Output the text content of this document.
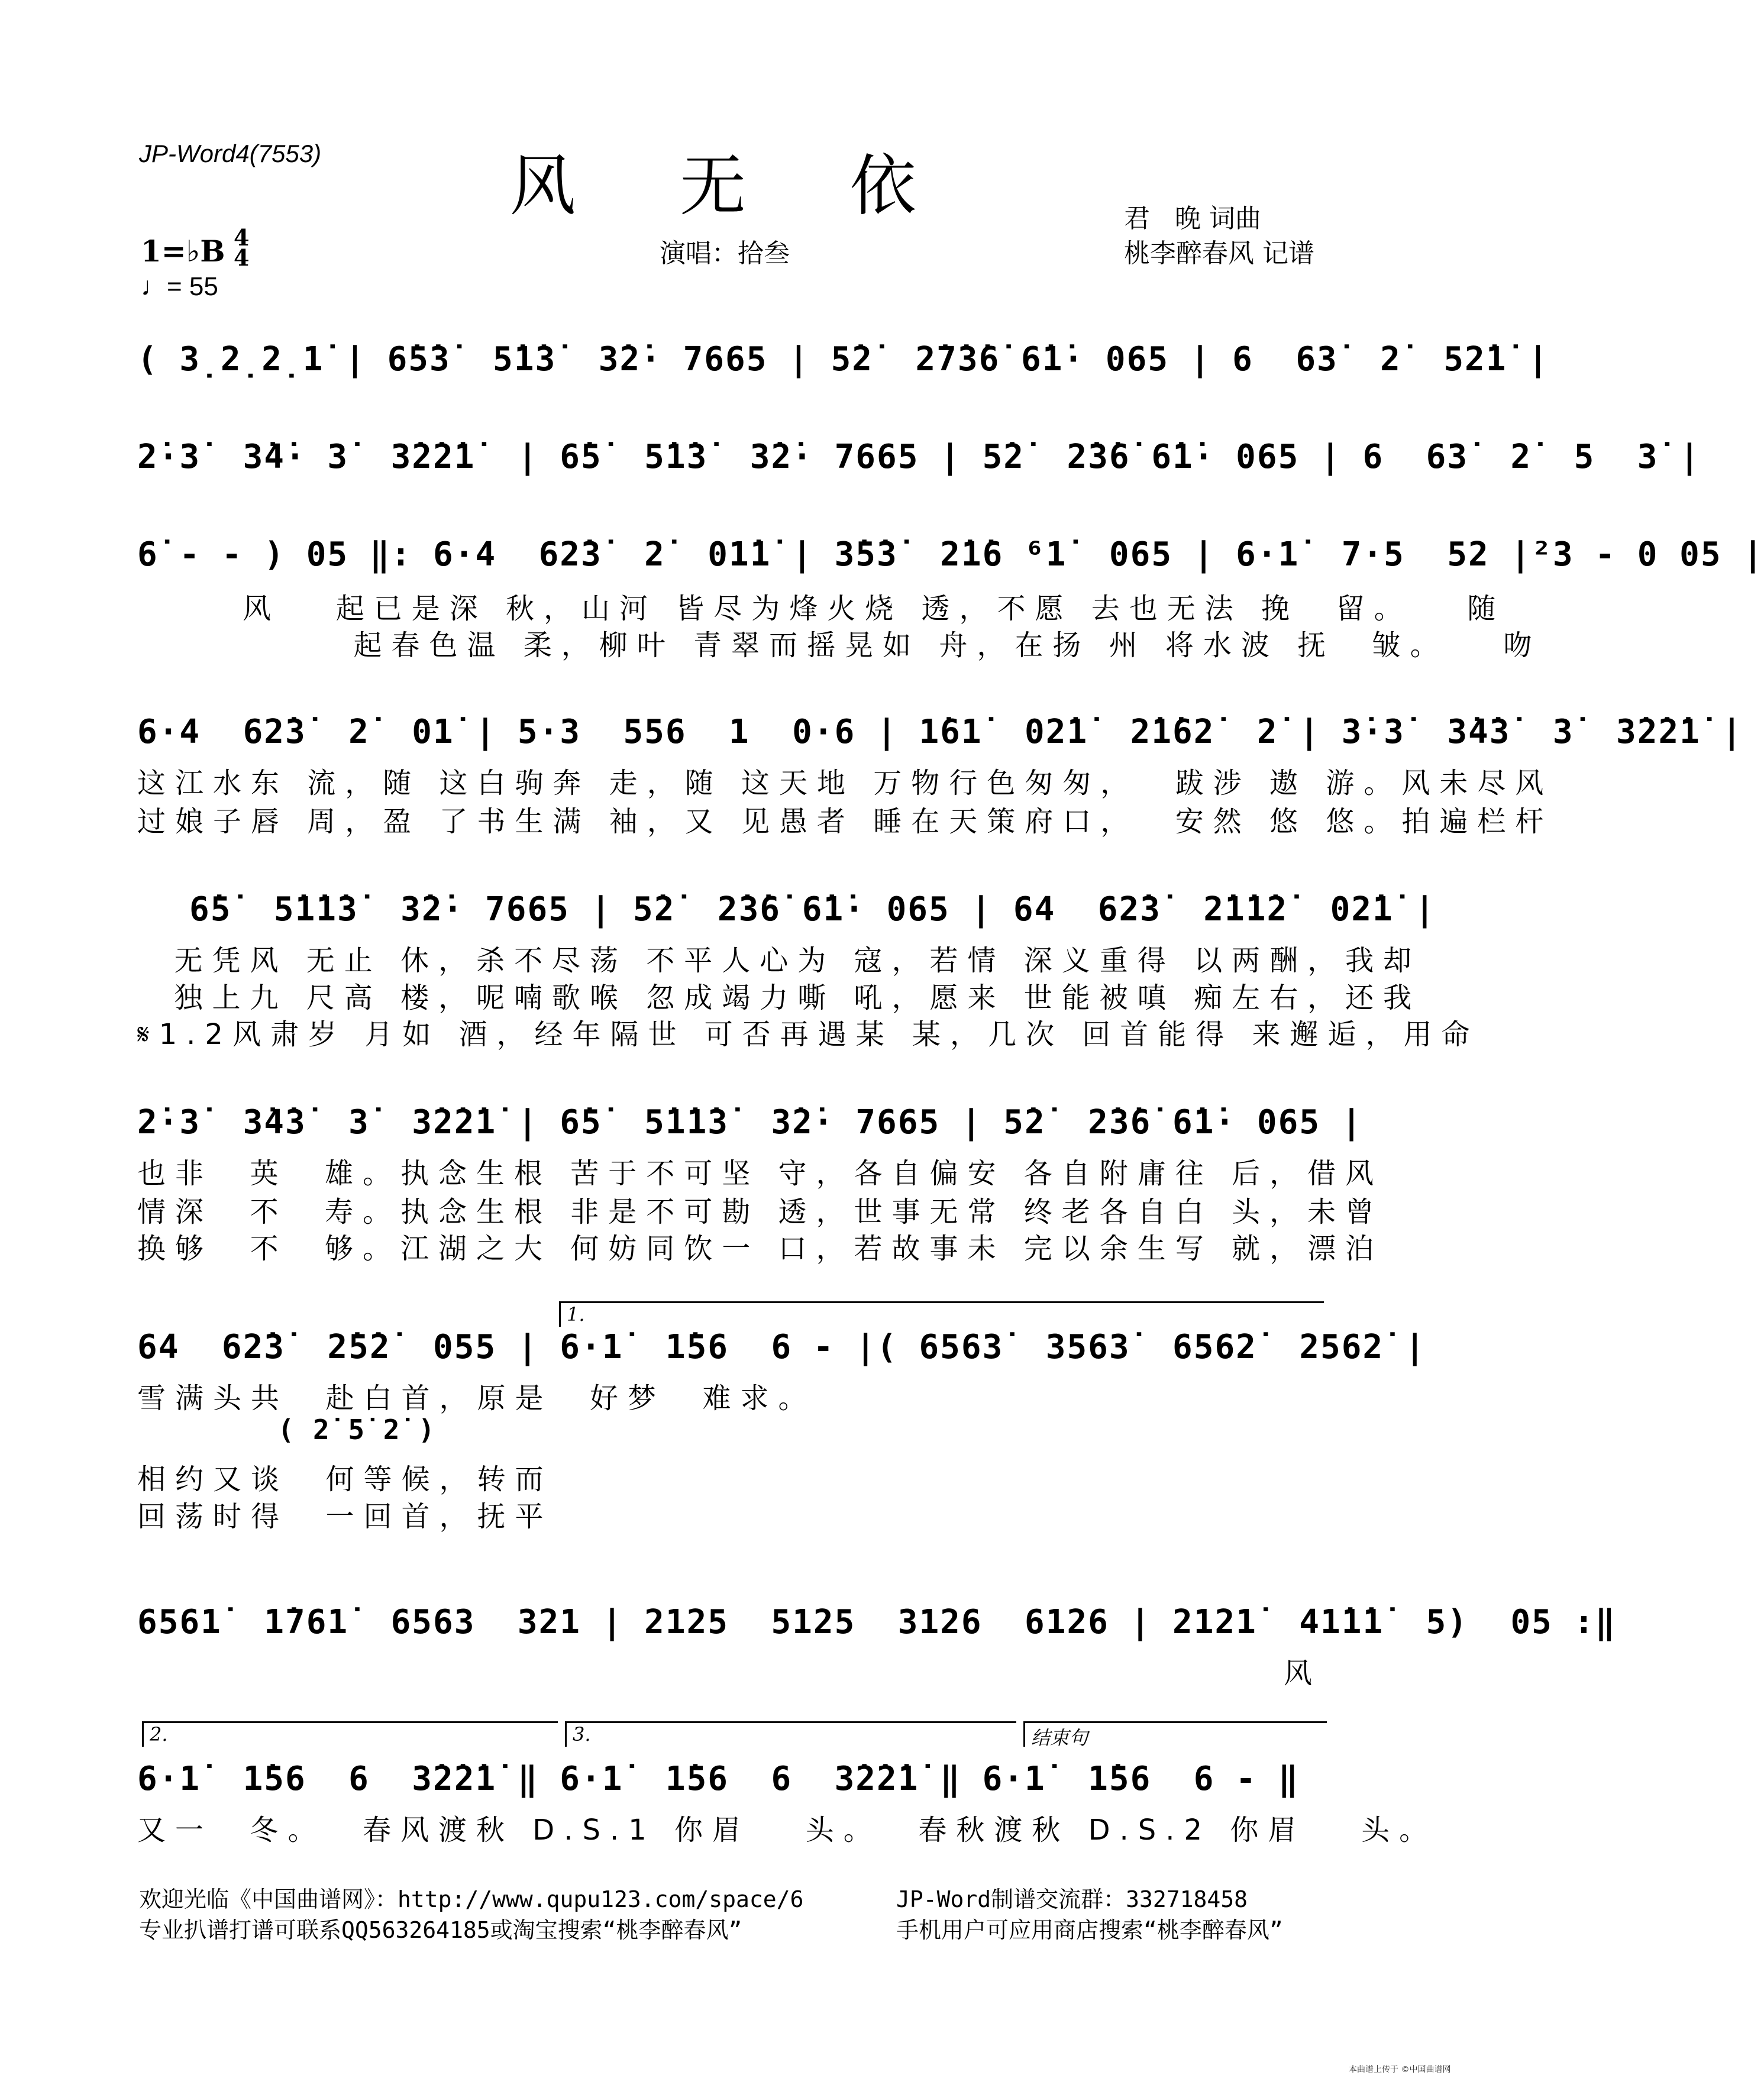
JP-Word4(7553)	风 无 依	君   晚 词曲
桃李醉春风 记谱
演唱：拾叁
1=♭B 4
4
♩= 55
( 3̣2̣2̣1̇ | 6̇5̇3̇  5̇1̇3̇  3̇2̇· 7665 | 5̇2̇  2̇7̇3̇6̇ 6̇1̇· 065 | 6  63̇  2̇  52̇1̇ |
2̇·3̇  3̇4̇· 3̇  3̇2̇2̇1̇  | 6̇5̇  5̇1̇3̇  3̇2̇· 7665 | 5̇2̇  2̇3̇6̇ 6̇1̇· 065 | 6  63̇  2̇  5  3̇ |
6̇ - - ) 05 ‖: 6·4  62̇3̇  2̇  01̇1̇ | 3̇5̇3̇  2̇1̇6 ⁶1̇  065 | 6·1̇  7·5  52 |²3 - 0 05 |
风   起已是深 秋，山河 皆尽为烽火烧 透，不愿 去也无法 挽  留。   随
起春色温 柔，柳叶 青翠而摇晃如 舟，在扬 州 将水波 抚  皱。   吻
6·4  62̇3̇  2̇  01̇ | 5·3  556  1  0·6 | 1̇61̇  02̇1̇  2̇1̇62̇  2̇ | 3̇·3̇  3̇4̇3̇  3̇  3̇2̇2̇1̇ |
这江水东 流，随 这白驹奔 走，随 这天地 万物行色匆匆，  跋涉 遨 游。风未尽风
过娘子唇 周，盈 了书生满 袖，又 见愚者 睡在天策府口，  安然 悠 悠。拍遍栏杆
6̇5̇  5̇1̇1̇3̇  3̇2̇· 7665 | 5̇2̇  2̇3̇6̇ 6̇1̇· 065 | 64  62̇3̇  2̇1̇1̇2̇  02̇1̇ |
无凭风 无止 休，杀不尽荡 不平人心为 寇，若情 深义重得 以两酬，我却
独上九 尺高 楼，呢喃歌喉 忽成竭力嘶 吼，愿来 世能被嗔 痴左右，还我
𝄋1.2风肃岁 月如 酒，经年隔世 可否再遇某 某，几次 回首能得 来邂逅，用命
2̇·3̇  3̇4̇3̇  3̇  3̇2̇2̇1̇ | 6̇5̇  5̇1̇1̇3̇  3̇2̇· 7665 | 5̇2̇  2̇3̇6̇ 6̇1̇· 065 |
也非  英  雄。执念生根 苦于不可坚 守，各自偏安 各自附庸往 后，借风
情深  不  寿。执念生根 非是不可勘 透，世事无常 终老各自白 头，未曾
换够  不  够。江湖之大 何妨同饮一 口，若故事未 完以余生写 就，漂泊
1.
64  62̇3̇  2̇5̇2̇  055 | 6·1̇  1̇56  6 - |( 6563̇  3563̇  6562̇  2562̇ |
雪满头共  赴白首，原是  好梦  难求。
( 2̇ 5̇ 2̇ )
相约又谈  何等候，转而
回荡时得  一回首，抚平
6561̇  1̇761̇  6563  321 | 2125  5125  3126  6126 | 2121̇  41̇1̇1̇  5)  05 :‖
风
2.	3.	结束句
6·1̇  1̇56  6  3̇2̇2̇1̇ ‖ 6·1̇  1̇56  6  3̇2̇2̇1̇ ‖ 6·1̇  1̇56  6 - ‖
又一  冬。  春风渡秋 D.S.1 你眉   头。  春秋渡秋 D.S.2 你眉   头。
欢迎光临《中国曲谱网》：http://www.qupu123.com/space/6
专业扒谱打谱可联系QQ563264185或淘宝搜索“桃李醉春风”
JP-Word制谱交流群：332718458
手机用户可应用商店搜索“桃李醉春风”
本曲谱上传于 ©中国曲谱网
